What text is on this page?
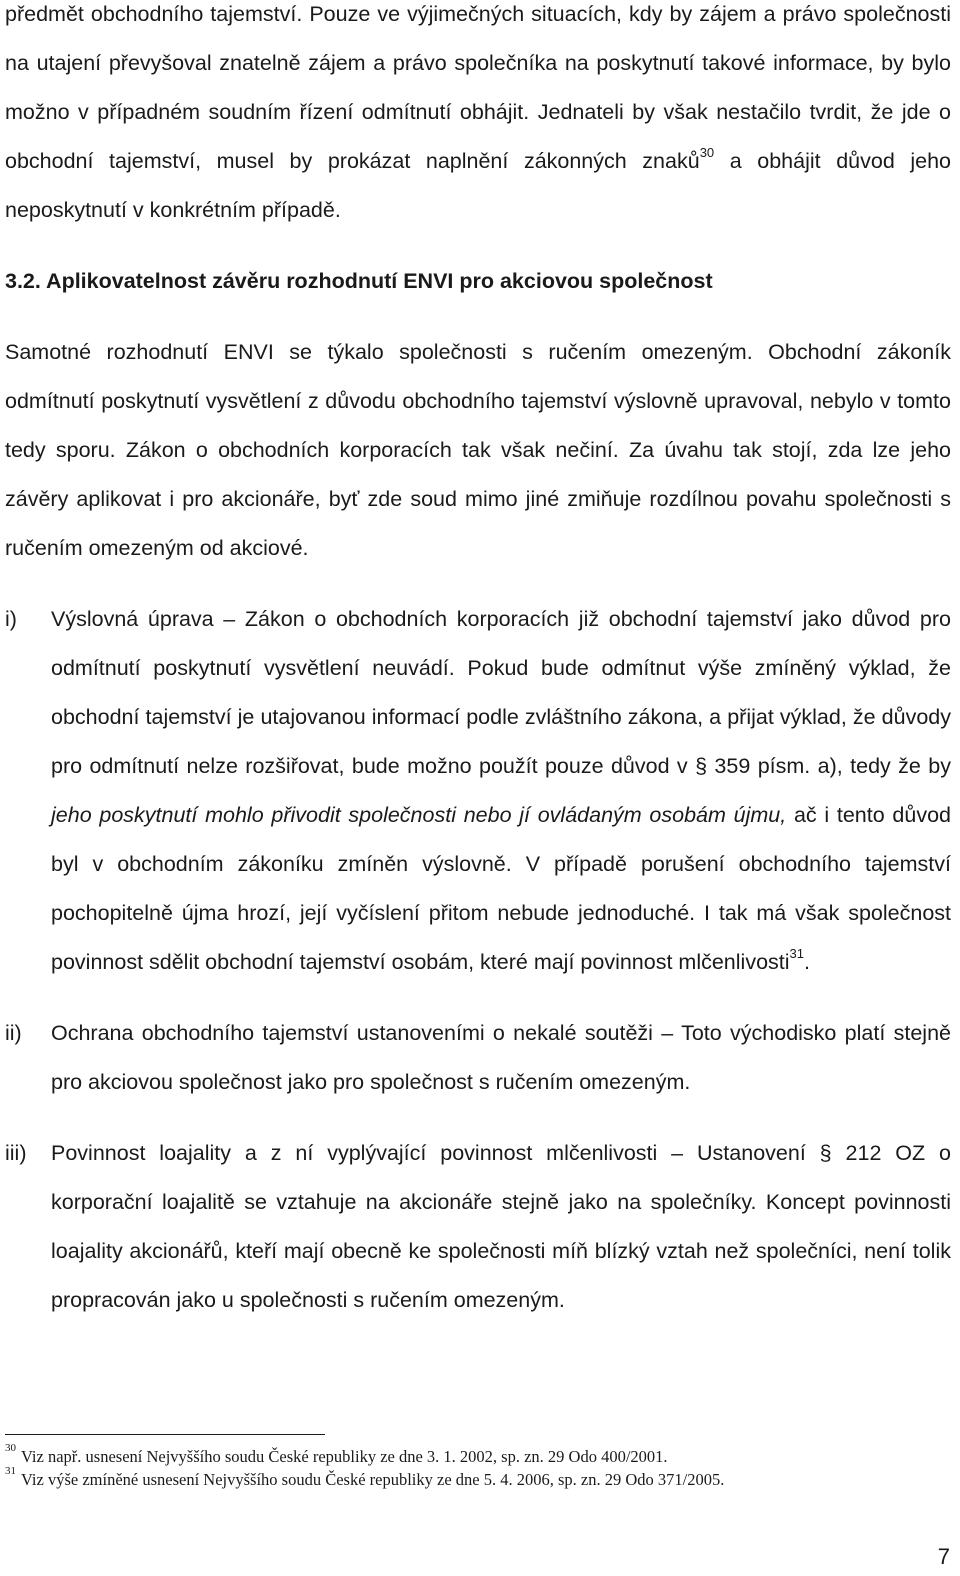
předmět obchodního tajemství. Pouze ve výjimečných situacích, kdy by zájem a právo společnosti na utajení převyšoval znatelně zájem a právo společníka na poskytnutí takové informace, by bylo možno v případném soudním řízení odmítnutí obhájit. Jednateli by však nestačilo tvrdit, že jde o obchodní tajemství, musel by prokázat naplnění zákonných znaků$^{30}$ a obhájit důvod jeho neposkytnutí v konkrétním případě.

3.2. Aplikovatelnost závěru rozhodnutí ENVI pro akciovou společnost

Samotné rozhodnutí ENVI se týkalo společnosti s ručením omezeným. Obchodní zákoník odmítnutí poskytnutí vysvětlení z důvodu obchodního tajemství výslovně upravoval, nebylo v tomto tedy sporu. Zákon o obchodních korporacích tak však nečiní. Za úvahu tak stojí, zda lze jeho závěry aplikovat i pro akcionáře, byť zde soud mimo jiné zmiňuje rozdílnou povahu společnosti s ručením omezeným od akciové.

i)	Výslovná úprava – Zákon o obchodních korporacích již obchodní tajemství jako důvod pro odmítnutí poskytnutí vysvětlení neuvádí. Pokud bude odmítnut výše zmíněný výklad, že obchodní tajemství je utajovanou informací podle zvláštního zákona, a přijat výklad, že důvody pro odmítnutí nelze rozšiřovat, bude možno použít pouze důvod v § 359 písm. a), tedy že by jeho poskytnutí mohlo přivodit společnosti nebo jí ovládaným osobám újmu, ač i tento důvod byl v obchodním zákoníku zmíněn výslovně. V případě porušení obchodního tajemství pochopitelně újma hrozí, její vyčíslení přitom nebude jednoduché. I tak má však společnost povinnost sdělit obchodní tajemství osobám, které mají povinnost mlčenlivosti$^{31}$.
ii)	Ochrana obchodního tajemství ustanoveními o nekalé soutěži – Toto východisko platí stejně pro akciovou společnost jako pro společnost s ručením omezeným.
iii)	Povinnost loajality a z ní vyplývající povinnost mlčenlivosti – Ustanovení § 212 OZ o korporační loajalitě se vztahuje na akcionáře stejně jako na společníky. Koncept povinnosti loajality akcionářů, kteří mají obecně ke společnosti míň blízký vztah než společníci, není tolik propracován jako u společnosti s ručením omezeným.
$^{30}$ Viz např. usnesení Nejvyššího soudu České republiky ze dne 3. 1. 2002, sp. zn. 29 Odo 400/2001.
$^{31}$ Viz výše zmíněné usnesení Nejvyššího soudu České republiky ze dne 5. 4. 2006, sp. zn. 29 Odo 371/2005.
7
